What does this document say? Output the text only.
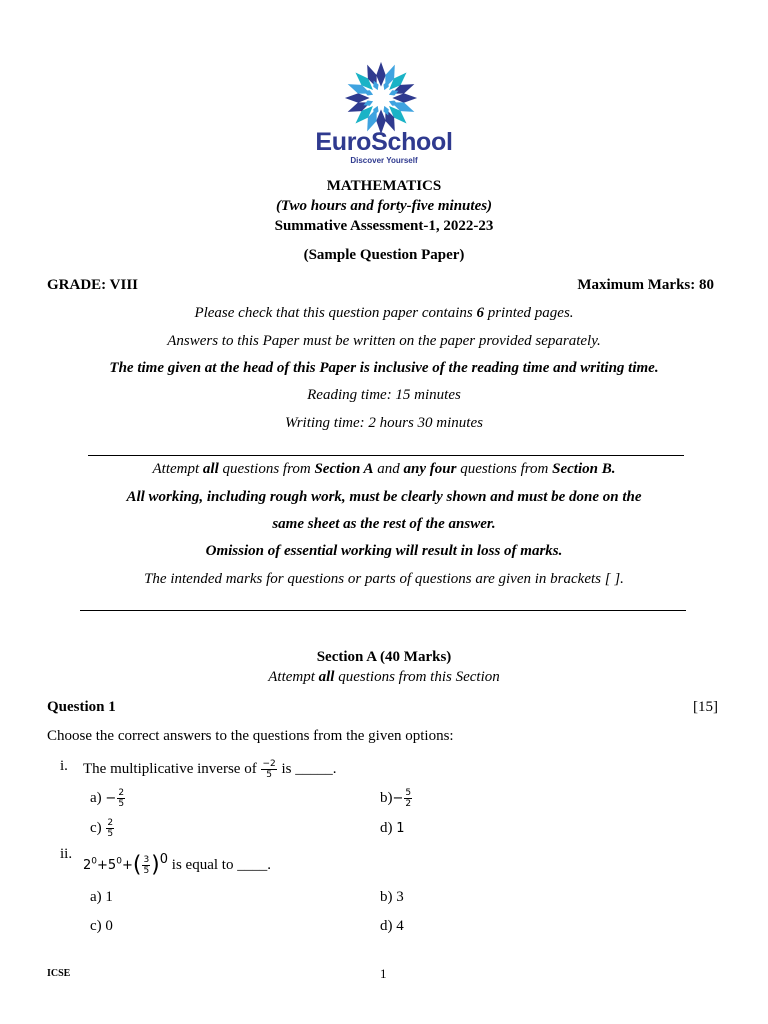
EuroSchool
Discover Yourself
MATHEMATICS
(Two hours and forty-five minutes)
Summative Assessment-1, 2022-23
(Sample Question Paper)
GRADE: VIII	Maximum Marks: 80
Please check that this question paper contains 6 printed pages.
Answers to this Paper must be written on the paper provided separately.
The time given at the head of this Paper is inclusive of the reading time and writing time.
Reading time: 15 minutes
Writing time: 2 hours 30 minutes
Attempt all questions from Section A and any four questions from Section B.
All working, including rough work, must be clearly shown and must be done on the
same sheet as the rest of the answer.
Omission of essential working will result in loss of marks.
The intended marks for questions or parts of questions are given in brackets [ ].
Section A (40 Marks)
Attempt all questions from this Section
Question 1	[15]
Choose the correct answers to the questions from the given options:
i. The multiplicative inverse of $\frac{-2}{5}$ is _____.
$a) - \frac{2}{5}$	$b)- \frac{5}{2}$
$c) \frac{2}{5}$	d) 1
ii.
$2^0+5^0+( \frac{3}{5} )^0$ is equal to ____.
a) 1	b) 3
c) 0	d) 4
ICSE	1
